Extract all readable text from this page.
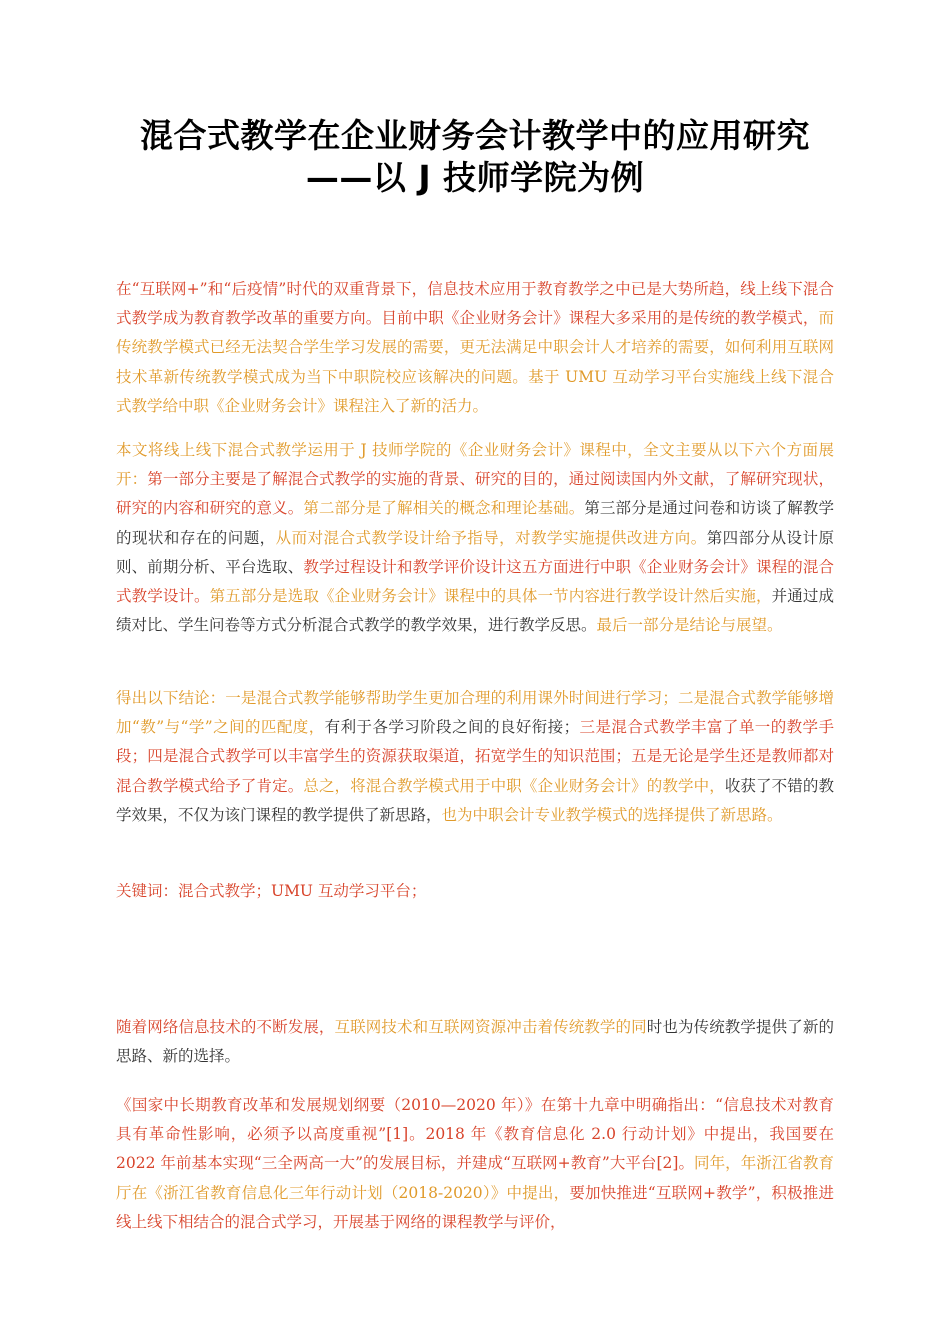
混合式教学在企业财务会计教学中的应用研究
——以 J 技师学院为例

在“互联网+”和“后疫情”时代的双重背景下，信息技术应用于教育教学之中已是大势所趋，线上线下混合式教学成为教育教学改革的重要方向。目前中职《企业财务会计》课程大多采用的是传统的教学模式，而传统教学模式已经无法契合学生学习发展的需要，更无法满足中职会计人才培养的需要，如何利用互联网技术革新传统教学模式成为当下中职院校应该解决的问题。基于 UMU 互动学习平台实施线上线下混合式教学给中职《企业财务会计》课程注入了新的活力。

本文将线上线下混合式教学运用于 J 技师学院的《企业财务会计》课程中，全文主要从以下六个方面展开：第一部分主要是了解混合式教学的实施的背景、研究的目的，通过阅读国内外文献，了解研究现状，研究的内容和研究的意义。第二部分是了解相关的概念和理论基础。第三部分是通过问卷和访谈了解教学的现状和存在的问题，从而对混合式教学设计给予指导，对教学实施提供改进方向。第四部分从设计原则、前期分析、平台选取、教学过程设计和教学评价设计这五方面进行中职《企业财务会计》课程的混合式教学设计。第五部分是选取《企业财务会计》课程中的具体一节内容进行教学设计然后实施，并通过成绩对比、学生问卷等方式分析混合式教学的教学效果，进行教学反思。最后一部分是结论与展望。

得出以下结论：一是混合式教学能够帮助学生更加合理的利用课外时间进行学习；二是混合式教学能够增加“教”与“学”之间的匹配度，有利于各学习阶段之间的良好衔接；三是混合式教学丰富了单一的教学手段；四是混合式教学可以丰富学生的资源获取渠道，拓宽学生的知识范围；五是无论是学生还是教师都对混合教学模式给予了肯定。总之，将混合教学模式用于中职《企业财务会计》的教学中，收获了不错的教学效果，不仅为该门课程的教学提供了新思路，也为中职会计专业教学模式的选择提供了新思路。

关键词：混合式教学；UMU 互动学习平台；

随着网络信息技术的不断发展，互联网技术和互联网资源冲击着传统教学的同时也为传统教学提供了新的思路、新的选择。

《国家中长期教育改革和发展规划纲要（2010—2020 年）》在第十九章中明确指出：“信息技术对教育具有革命性影响，必须予以高度重视”[1]。2018 年《教育信息化 2.0 行动计划》中提出，我国要在 2022 年前基本实现“三全两高一大”的发展目标，并建成“互联网+教育”大平台[2]。同年，年浙江省教育厅在《浙江省教育信息化三年行动计划（2018-2020）》中提出，要加快推进“互联网+教学”，积极推进线上线下相结合的混合式学习，开展基于网络的课程教学与评价，
